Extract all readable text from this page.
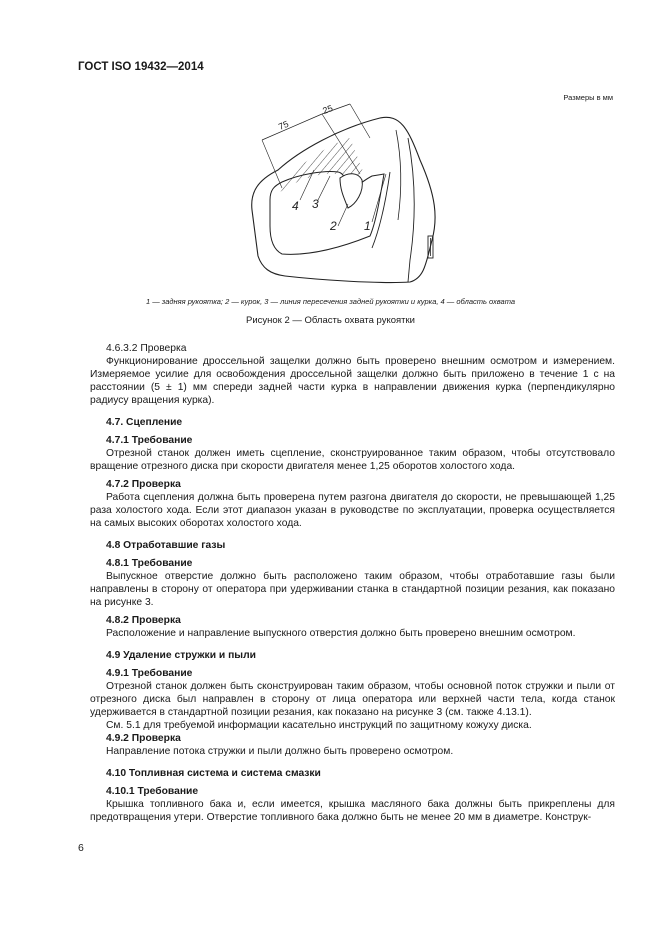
ГОСТ ISO 19432—2014
Размеры в мм
75
25
4 3
2 1
1 — задняя рукоятка; 2 — курок, 3 — линия пересечения задней рукоятки и курка, 4 — область охвата
Рисунок 2 — Область охвата рукоятки
4.6.3.2 Проверка

Функционирование дроссельной защелки должно быть проверено внешним осмотром и измерением. Измеряемое усилие для освобождения дроссельной защелки должно быть приложено в течение 1 с на расстоянии (5 ± 1) мм спереди задней части курка в направлении движения курка (перпендикулярно радиусу вращения курка).

4.7. Сцепление
4.7.1 Требование

Отрезной станок должен иметь сцепление, сконструированное таким образом, чтобы отсутствовало вращение отрезного диска при скорости двигателя менее 1,25 оборотов холостого хода.

4.7.2 Проверка

Работа сцепления должна быть проверена путем разгона двигателя до скорости, не превышающей 1,25 раза холостого хода. Если этот диапазон указан в руководстве по эксплуатации, проверка осуществляется на самых высоких оборотах холостого хода.

4.8 Отработавшие газы
4.8.1 Требование

Выпускное отверстие должно быть расположено таким образом, чтобы отработавшие газы были направлены в сторону от оператора при удерживании станка в стандартной позиции резания, как показано на рисунке 3.

4.8.2 Проверка

Расположение и направление выпускного отверстия должно быть проверено внешним осмотром.

4.9 Удаление стружки и пыли
4.9.1 Требование

Отрезной станок должен быть сконструирован таким образом, чтобы основной поток стружки и пыли от отрезного диска был направлен в сторону от лица оператора или верхней части тела, когда станок удерживается в стандартной позиции резания, как показано на рисунке 3 (см. также 4.13.1).

См. 5.1 для требуемой информации касательно инструкций по защитному кожуху диска.

4.9.2 Проверка

Направление потока стружки и пыли должно быть проверено осмотром.

4.10 Топливная система и система смазки
4.10.1 Требование

Крышка топливного бака и, если имеется, крышка масляного бака должны быть прикреплены для предотвращения утери. Отверстие топливного бака должно быть не менее 20 мм в диаметре. Конструк-

6
